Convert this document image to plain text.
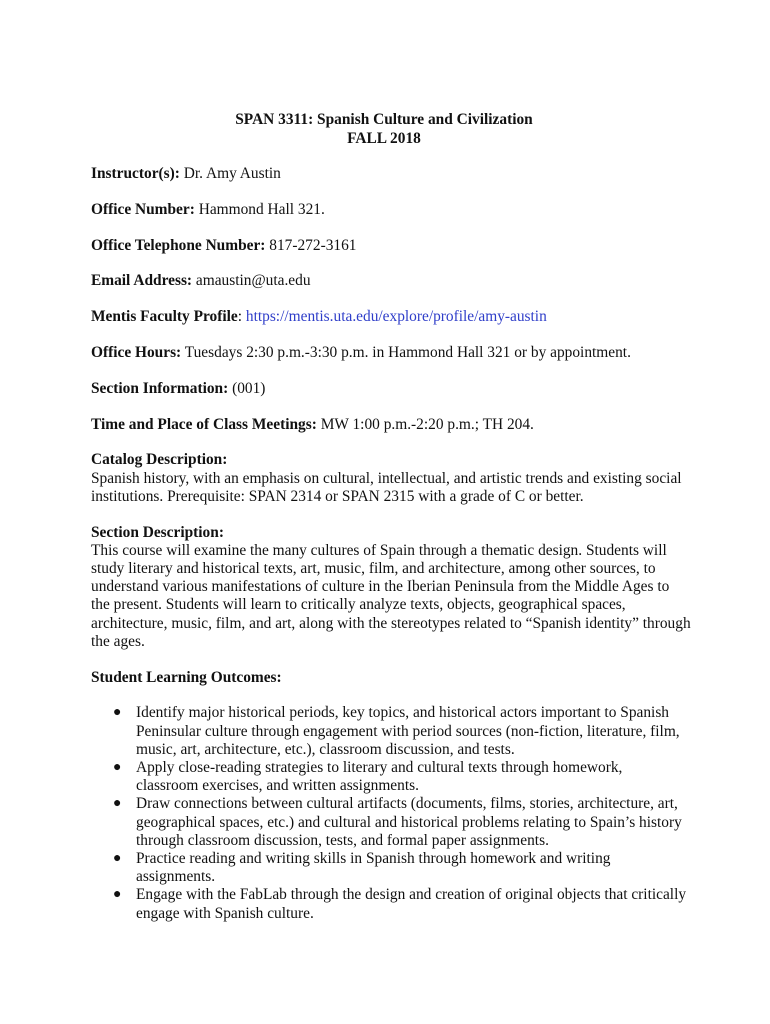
SPAN 3311: Spanish Culture and Civilization
FALL 2018

Instructor(s): Dr. Amy Austin

Office Number: Hammond Hall 321.

Office Telephone Number: 817-272-3161

Email Address: amaustin@uta.edu

Mentis Faculty Profile: https://mentis.uta.edu/explore/profile/amy-austin

Office Hours: Tuesdays 2:30 p.m.-3:30 p.m. in Hammond Hall 321 or by appointment.

Section Information: (001)

Time and Place of Class Meetings: MW 1:00 p.m.-2:20 p.m.; TH 204.

Catalog Description:
Spanish history, with an emphasis on cultural, intellectual, and artistic trends and existing social institutions. Prerequisite: SPAN 2314 or SPAN 2315 with a grade of C or better.
Section Description:
This course will examine the many cultures of Spain through a thematic design. Students will study literary and historical texts, art, music, film, and architecture, among other sources, to understand various manifestations of culture in the Iberian Peninsula from the Middle Ages to the present. Students will learn to critically analyze texts, objects, geographical spaces, architecture, music, film, and art, along with the stereotypes related to “Spanish identity” through the ages.
Student Learning Outcomes:
● Identify major historical periods, key topics, and historical actors important to Spanish Peninsular culture through engagement with period sources (non-fiction, literature, film, music, art, architecture, etc.), classroom discussion, and tests.
● Apply close-reading strategies to literary and cultural texts through homework, classroom exercises, and written assignments.
● Draw connections between cultural artifacts (documents, films, stories, architecture, art, geographical spaces, etc.) and cultural and historical problems relating to Spain’s history through classroom discussion, tests, and formal paper assignments.
● Practice reading and writing skills in Spanish through homework and writing assignments.
● Engage with the FabLab through the design and creation of original objects that critically engage with Spanish culture.
